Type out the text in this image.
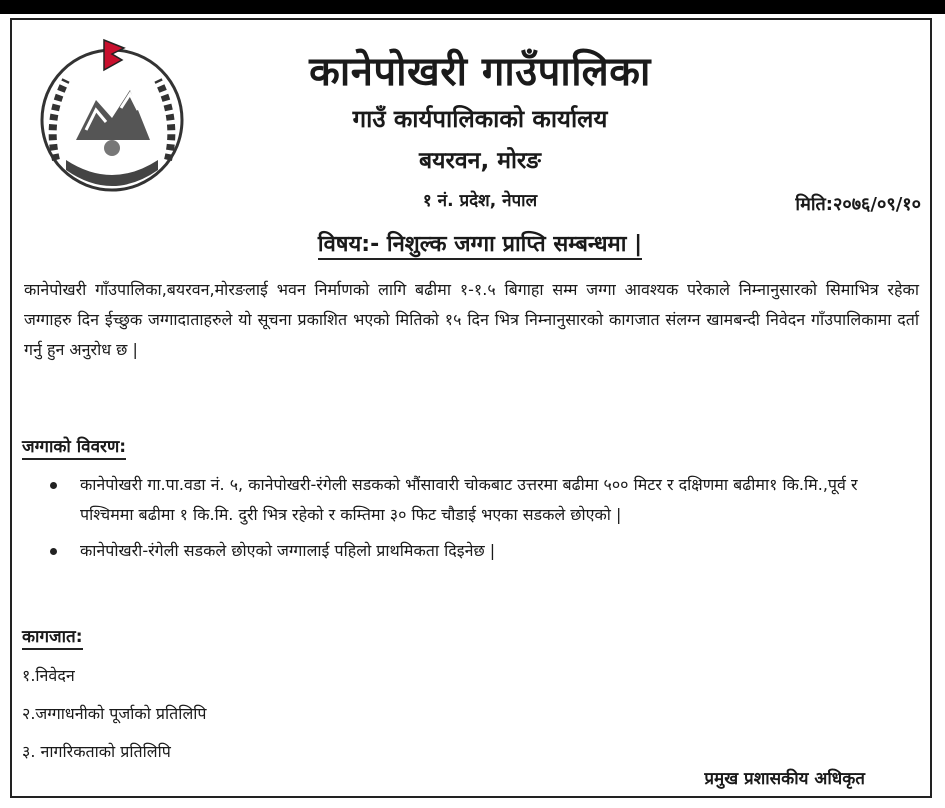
कानेपोखरी गाउँपालिका
गाउँ कार्यपालिकाको कार्यालय
बयरवन, मोरङ
१ नं. प्रदेश, नेपाल	मिति:२०७६/०९/१०
विषय:- निशुल्क जग्गा प्राप्ति सम्बन्धमा |
कानेपोखरी गाँउपालिका,बयरवन,मोरङलाई भवन निर्माणको लागि बढीमा १-१.५ बिगाहा सम्म जग्गा आवश्यक परेकाले निम्नानुसारको सिमाभित्र रहेका जग्गाहरु दिन ईच्छुक जग्गादाताहरुले यो सूचना प्रकाशित भएको मितिको १५ दिन भित्र निम्नानुसारको कागजात संलग्न खामबन्दी निवेदन गाँउपालिकामा दर्ता गर्नु हुन अनुरोध छ |
जग्गाको विवरण:
कानेपोखरी गा.पा.वडा नं. ५, कानेपोखरी-रंगेली सडकको भौंसावारी चोकबाट उत्तरमा बढीमा ५०० मिटर र दक्षिणमा बढीमा१ कि.मि.,पूर्व र पश्चिममा बढीमा १ कि.मि. दुरी भित्र रहेको र कम्तिमा ३० फिट चौडाई भएका सडकले छोएको |
कानेपोखरी-रंगेली सडकले छोएको जग्गालाई पहिलो प्राथमिकता दिइनेछ |
कागजात:
१.निवेदन
२.जग्गाधनीको पूर्जाको प्रतिलिपि
३. नागरिकताको प्रतिलिपि
प्रमुख प्रशासकीय अधिकृत
